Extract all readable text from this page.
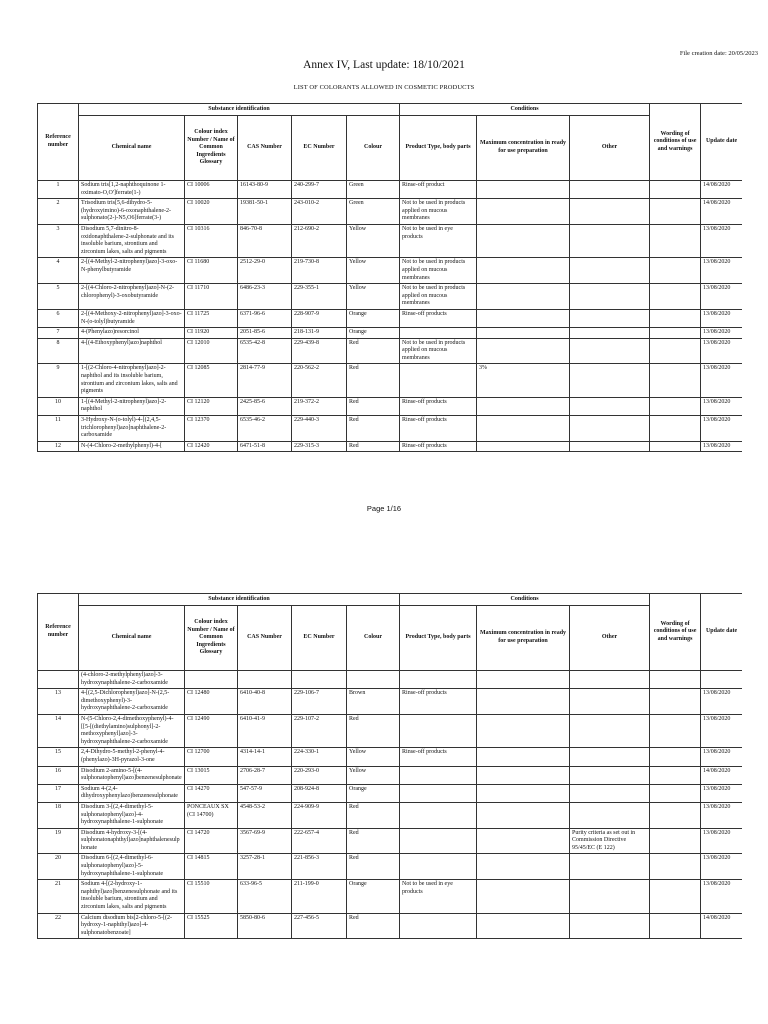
File creation date: 20/05/2023
Annex IV, Last update: 18/10/2021
LIST OF COLORANTS ALLOWED IN COSMETIC PRODUCTS
Reference number	Substance identification					Conditions			Wording of conditions of use and warnings	Update date
	Chemical name	Colour index Number / Name of Common Ingredients Glossary	CAS Number	EC Number	Colour	Product Type, body parts	Maximum concentration in ready for use preparation	Other		
1	Sodium tris[1,2-naphthoquinone 1-oximato-O,O']ferrate(1-)	CI 10006	16143-80-9	240-299-7	Green	Rinse-off product				14/08/2020
2	Trisodium tris[5,6-dihydro-5-(hydroxyimino)-6-oxonaphthalene-2-sulphonato(2-)-N5,O6]ferrate(3-)	CI 10020	19381-50-1	243-010-2	Green	Not to be used in products applied on mucous membranes				14/08/2020
3	Disodium 5,7-dinitro-8-oxidonaphthalene-2-sulphonate and its insoluble barium, strontium and zirconium lakes, salts and pigments	CI 10316	846-70-8	212-690-2	Yellow	Not to be used in eye products				13/08/2020
4	2-[(4-Methyl-2-nitrophenyl)azo]-3-oxo-N-phenylbutyramide	CI 11680	2512-29-0	219-730-8	Yellow	Not to be used in products applied on mucous membranes				13/08/2020
5	2-[(4-Chloro-2-nitrophenyl)azo]-N-(2-chlorophenyl)-3-oxobutyramide	CI 11710	6486-23-3	229-355-1	Yellow	Not to be used in products applied on mucous membranes				13/08/2020
6	2-[(4-Methoxy-2-nitrophenyl)azo]-3-oxo-N-(o-tolyl)butyramide	CI 11725	6371-96-6	228-907-9	Orange	Rinse-off products				13/08/2020
7	4-(Phenylazo)resorcinol	CI 11920	2051-85-6	218-131-9	Orange					13/08/2020
8	4-[(4-Ethoxyphenyl)azo]naphthol	CI 12010	6535-42-8	229-439-8	Red	Not to be used in products applied on mucous membranes				13/08/2020
9	1-[(2-Chloro-4-nitrophenyl)azo]-2-naphthol and its insoluble barium, strontium and zirconium lakes, salts and pigments	CI 12085	2814-77-9	220-562-2	Red		3%			13/08/2020
10	1-[(4-Methyl-2-nitrophenyl)azo]-2-naphthol	CI 12120	2425-85-6	219-372-2	Red	Rinse-off products				13/08/2020
11	3-Hydroxy-N-(o-tolyl)-4-[(2,4,5-trichlorophenyl)azo]naphthalene-2-carboxamide	CI 12370	6535-46-2	229-440-3	Red	Rinse-off products				13/08/2020
12	N-(4-Chloro-2-methylphenyl)-4-[	CI 12420	6471-51-8	229-315-3	Red	Rinse-off products				13/08/2020
Page 1/16
Reference number	Substance identification					Conditions			Wording of conditions of use and warnings	Update date
	Chemical name	Colour index Number / Name of Common Ingredients Glossary	CAS Number	EC Number	Colour	Product Type, body parts	Maximum concentration in ready for use preparation	Other		
	(4-chloro-2-methylphenyl)azo]-3-hydroxynaphthalene-2-carboxamide									
13	4-[(2,5-Dichlorophenyl)azo]-N-(2,5-dimethoxyphenyl)-3-hydroxynaphthalene-2-carboxamide	CI 12480	6410-40-8	229-106-7	Brown	Rinse-off products				13/08/2020
14	N-(5-Chloro-2,4-dimethoxyphenyl)-4-[[5-[(diethylamino)sulphonyl]-2-methoxyphenyl]azo]-3-hydroxynaphthalene-2-carboxamide	CI 12490	6410-41-9	229-107-2	Red					13/08/2020
15	2,4-Dihydro-5-methyl-2-phenyl-4-(phenylazo)-3H-pyrazol-3-one	CI 12700	4314-14-1	224-330-1	Yellow	Rinse-off products				13/08/2020
16	Disodium 2-amino-5-[(4-sulphonatophenyl)azo]benzenesulphonate	CI 13015	2706-28-7	220-293-0	Yellow					14/08/2020
17	Sodium 4-(2,4-dihydroxyphenylazo)benzenesulphonate	CI 14270	547-57-9	208-924-8	Orange					13/08/2020
18	Disodium 3-[(2,4-dimethyl-5-sulphonatophenyl)azo]-4-hydroxynaphthalene-1-sulphonate	PONCEAUX SX (CI 14700)	4548-53-2	224-909-9	Red					13/08/2020
19	Disodium 4-hydroxy-3-[(4-sulphonatonaphthyl)azo]naphthalenesulphonate	CI 14720	3567-69-9	222-657-4	Red			Purity criteria as set out in Commission Directive 95/45/EC (E 122)		13/08/2020
20	Disodium 6-[(2,4-dimethyl-6-sulphonatophenyl)azo]-5-hydroxynaphthalene-1-sulphonate	CI 14815	3257-28-1	221-856-3	Red					13/08/2020
21	Sodium 4-[(2-hydroxy-1-naphthyl)azo]benzenesulphonate and its insoluble barium, strontium and zirconium lakes, salts and pigments	CI 15510	633-96-5	211-199-0	Orange	Not to be used in eye products				13/08/2020
22	Calcium disodium bis[2-chloro-5-[(2-hydroxy-1-naphthyl)azo]-4-sulphonatobenzoate]	CI 15525	5850-80-6	227-456-5	Red					14/08/2020
